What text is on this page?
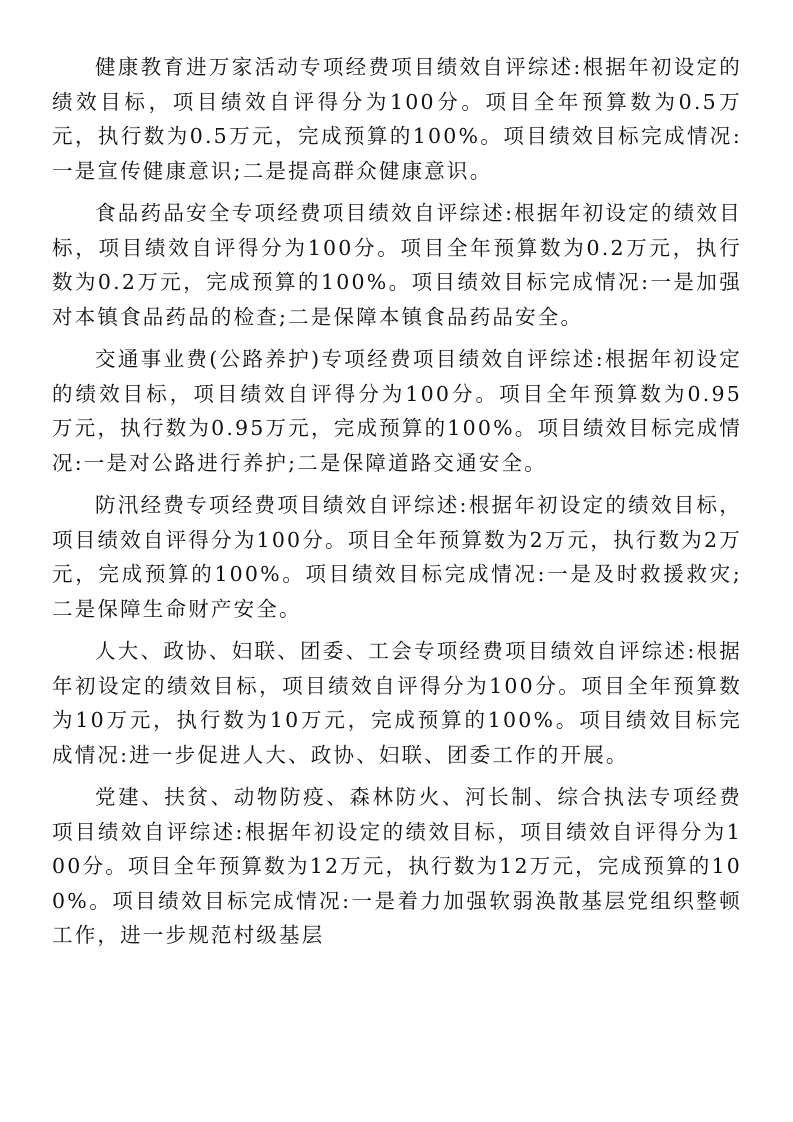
健康教育进万家活动专项经费项目绩效自评综述:根据年初设定的绩效目标，项目绩效自评得分为100分。项目全年预算数为0.5万元，执行数为0.5万元，完成预算的100%。项目绩效目标完成情况:一是宣传健康意识;二是提高群众健康意识。

食品药品安全专项经费项目绩效自评综述:根据年初设定的绩效目标，项目绩效自评得分为100分。项目全年预算数为0.2万元，执行数为0.2万元，完成预算的100%。项目绩效目标完成情况:一是加强对本镇食品药品的检查;二是保障本镇食品药品安全。

交通事业费(公路养护)专项经费项目绩效自评综述:根据年初设定的绩效目标，项目绩效自评得分为100分。项目全年预算数为0.95万元，执行数为0.95万元，完成预算的100%。项目绩效目标完成情况:一是对公路进行养护;二是保障道路交通安全。

防汛经费专项经费项目绩效自评综述:根据年初设定的绩效目标，项目绩效自评得分为100分。项目全年预算数为2万元，执行数为2万元，完成预算的100%。项目绩效目标完成情况:一是及时救援救灾;二是保障生命财产安全。

人大、政协、妇联、团委、工会专项经费项目绩效自评综述:根据年初设定的绩效目标，项目绩效自评得分为100分。项目全年预算数为10万元，执行数为10万元，完成预算的100%。项目绩效目标完成情况:进一步促进人大、政协、妇联、团委工作的开展。

党建、扶贫、动物防疫、森林防火、河长制、综合执法专项经费项目绩效自评综述:根据年初设定的绩效目标，项目绩效自评得分为100分。项目全年预算数为12万元，执行数为12万元，完成预算的100%。项目绩效目标完成情况:一是着力加强软弱涣散基层党组织整顿工作，进一步规范村级基层
